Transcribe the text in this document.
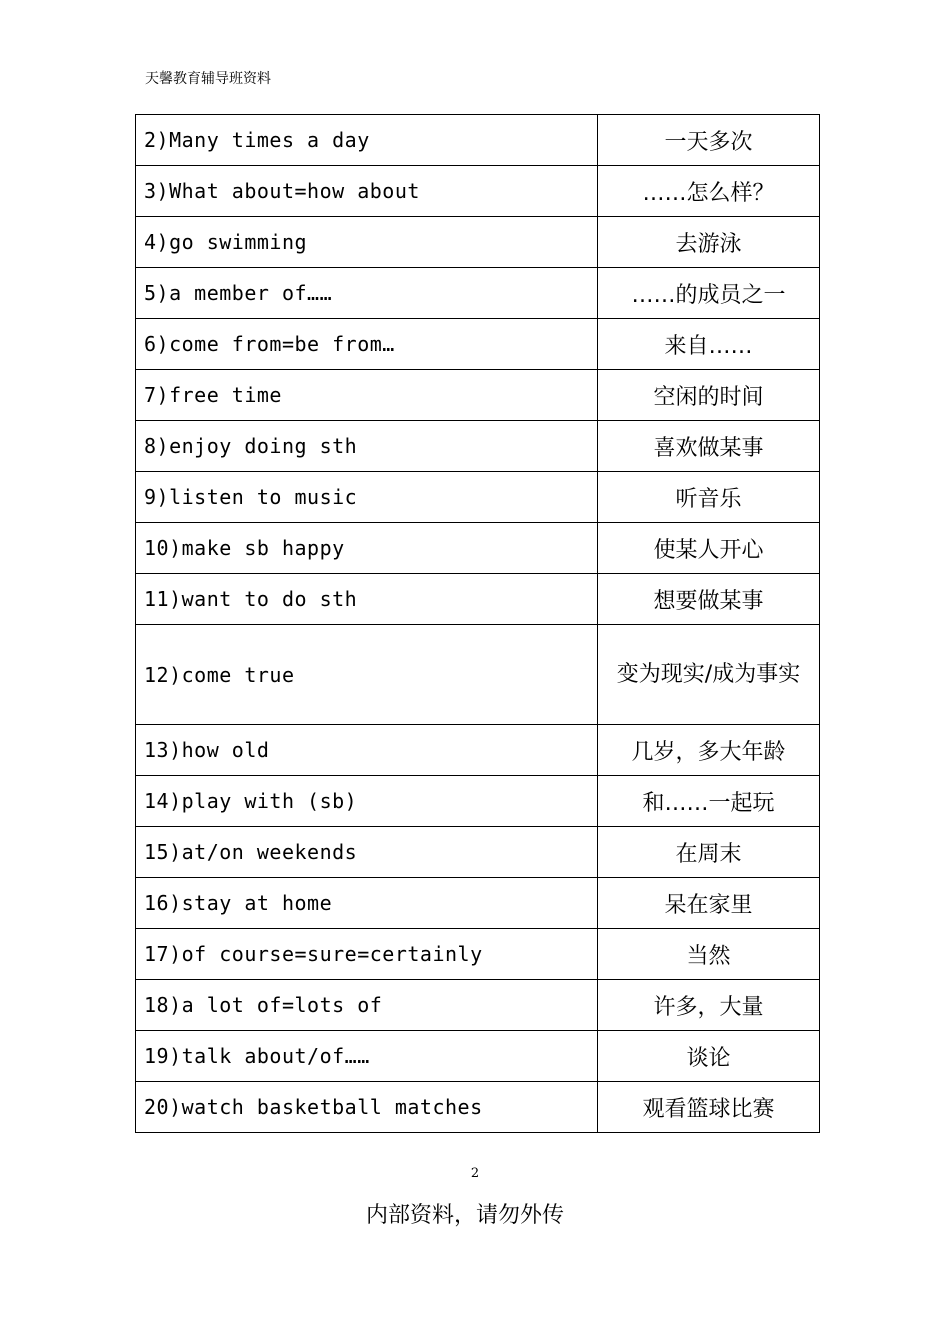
天馨教育辅导班资料
2)Many times a day	一天多次
3)What about=how about	……怎么样？
4)go swimming	去游泳
5)a member of……	……的成员之一
6)come from=be from…	来自……
7)free time	空闲的时间
8)enjoy doing sth	喜欢做某事
9)listen to music	听音乐
10)make sb happy	使某人开心
11)want to do sth	想要做某事
12)come true	变为现实/成为事实
13)how old	几岁，多大年龄
14)play with (sb)	和……一起玩
15)at/on weekends	在周末
16)stay at home	呆在家里
17)of course=sure=certainly	当然
18)a lot of=lots of	许多，大量
19)talk about/of……	谈论
20)watch basketball matches	观看篮球比赛
2
内部资料，请勿外传
